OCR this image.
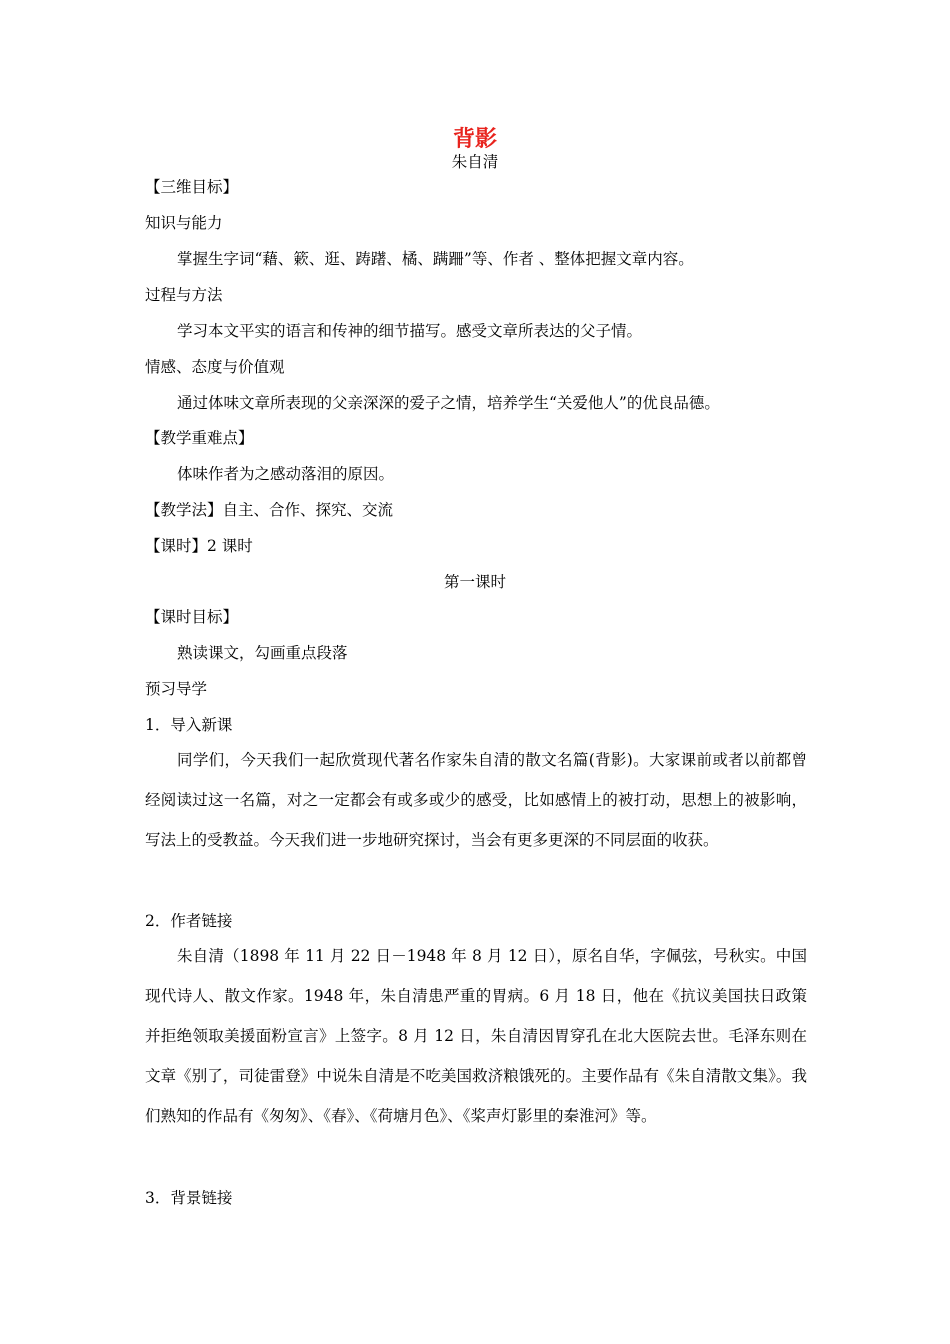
背影
朱自清
【三维目标】
知识与能力
掌握生字词“藉、簌、逛、踌躇、橘、蹒跚”等、作者 、整体把握文章内容。
过程与方法
学习本文平实的语言和传神的细节描写。感受文章所表达的父子情。
情感、态度与价值观
通过体味文章所表现的父亲深深的爱子之情，培养学生“关爱他人”的优良品德。
【教学重难点】
体味作者为之感动落泪的原因。
【教学法】自主、合作、探究、交流
【课时】2 课时
第一课时
【课时目标】
熟读课文，勾画重点段落
预习导学
1．导入新课
同学们，今天我们一起欣赏现代著名作家朱自清的散文名篇(背影)。大家课前或者以前都曾经阅读过这一名篇，对之一定都会有或多或少的感受，比如感情上的被打动，思想上的被影响，写法上的受教益。今天我们进一步地研究探讨，当会有更多更深的不同层面的收获。
2．作者链接
朱自清（1898 年 11 月 22 日－1948 年 8 月 12 日），原名自华，字佩弦，号秋实。中国现代诗人、散文作家。1948 年，朱自清患严重的胃病。6 月 18 日，他在《抗议美国扶日政策并拒绝领取美援面粉宣言》上签字。8 月 12 日，朱自清因胃穿孔在北大医院去世。毛泽东则在文章《别了，司徒雷登》中说朱自清是不吃美国救济粮饿死的。主要作品有《朱自清散文集》。我们熟知的作品有《匆匆》、《春》、《荷塘月色》、《桨声灯影里的秦淮河》等。
3．背景链接
